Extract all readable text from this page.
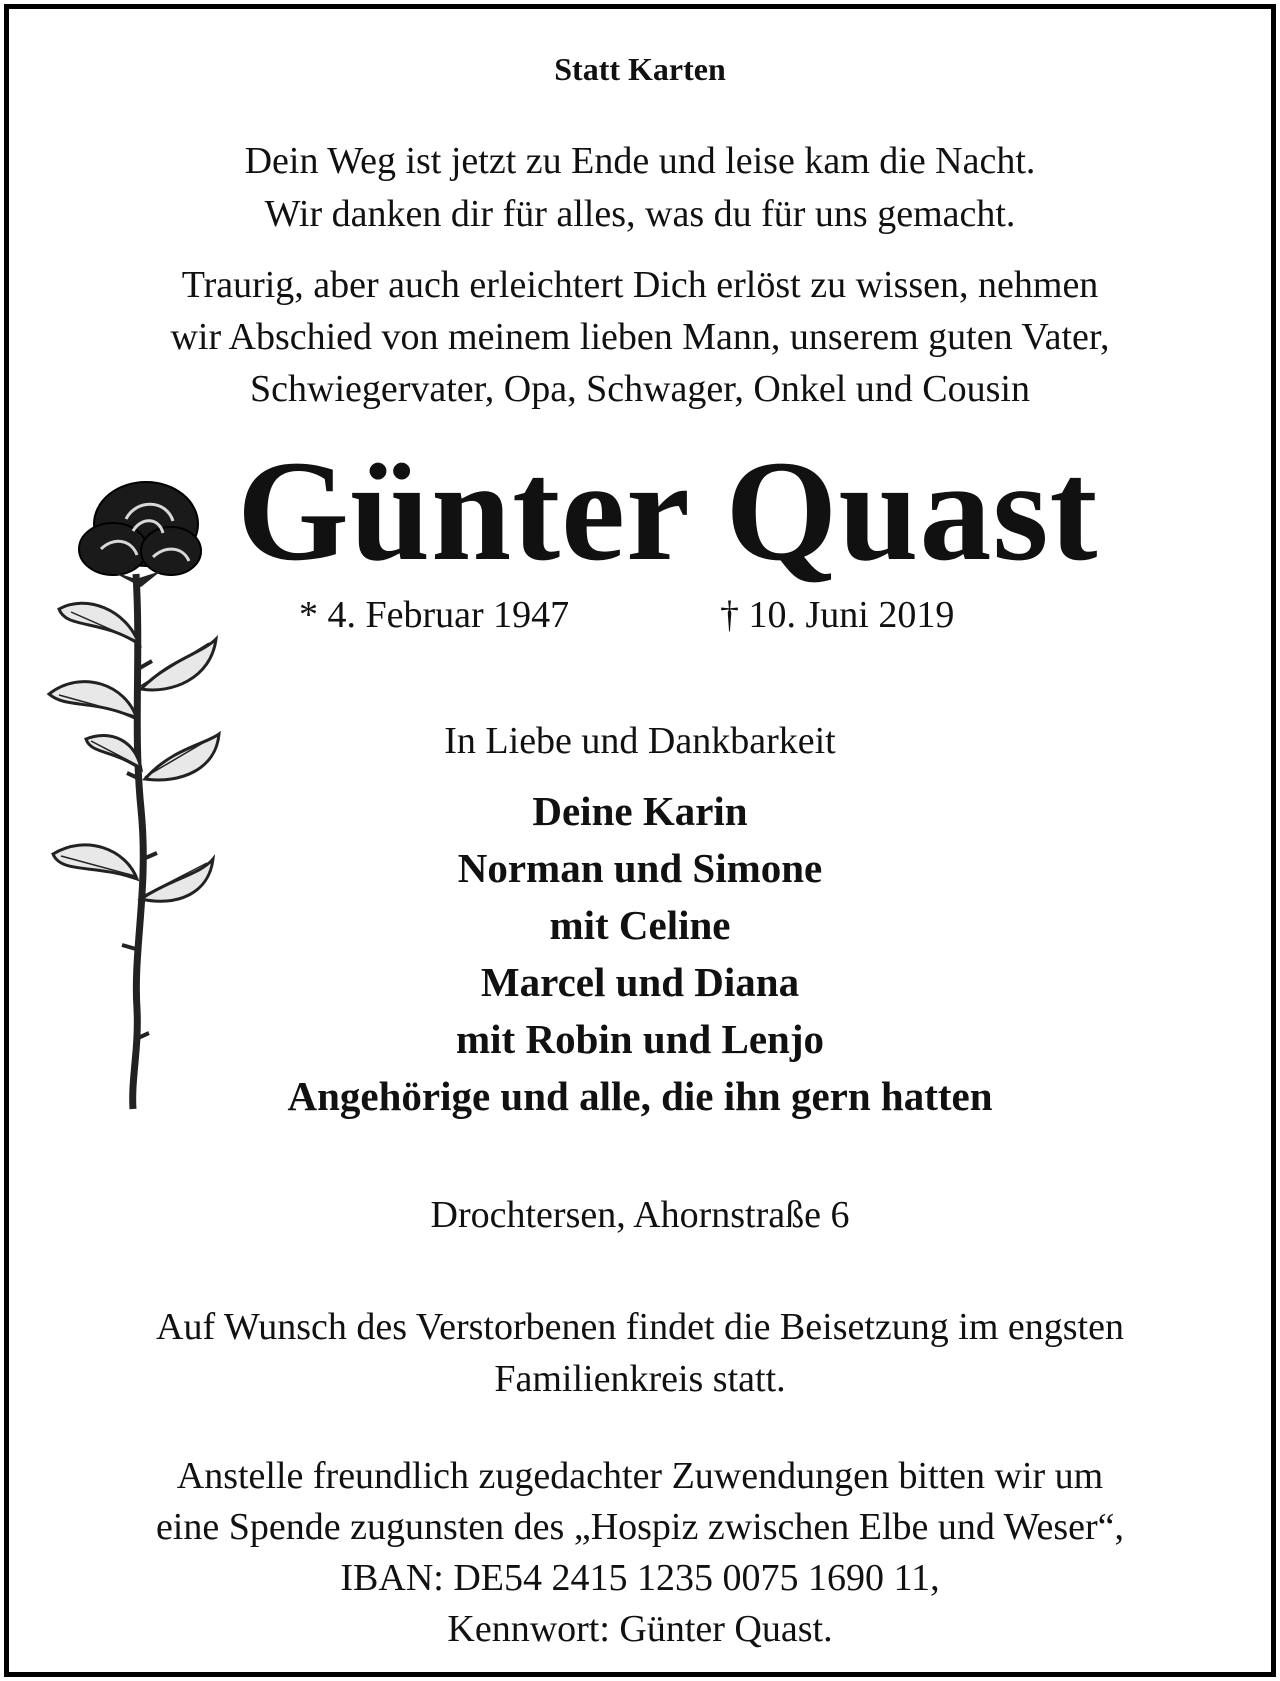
Statt Karten
Dein Weg ist jetzt zu Ende und leise kam die Nacht.
Wir danken dir für alles, was du für uns gemacht.
Traurig, aber auch erleichtert Dich erlöst zu wissen, nehmen
wir Abschied von meinem lieben Mann, unserem guten Vater,
Schwiegervater, Opa, Schwager, Onkel und Cousin
Günter Quast
* 4. Februar 1947	† 10. Juni 2019
In Liebe und Dankbarkeit
Deine Karin
Norman und Simone
mit Celine
Marcel und Diana
mit Robin und Lenjo
Angehörige und alle, die ihn gern hatten
Drochtersen, Ahornstraße 6
Auf Wunsch des Verstorbenen findet die Beisetzung im engsten
Familienkreis statt.
Anstelle freundlich zugedachter Zuwendungen bitten wir um
eine Spende zugunsten des „Hospiz zwischen Elbe und Weser“,
IBAN: DE54 2415 1235 0075 1690 11,
Kennwort: Günter Quast.
